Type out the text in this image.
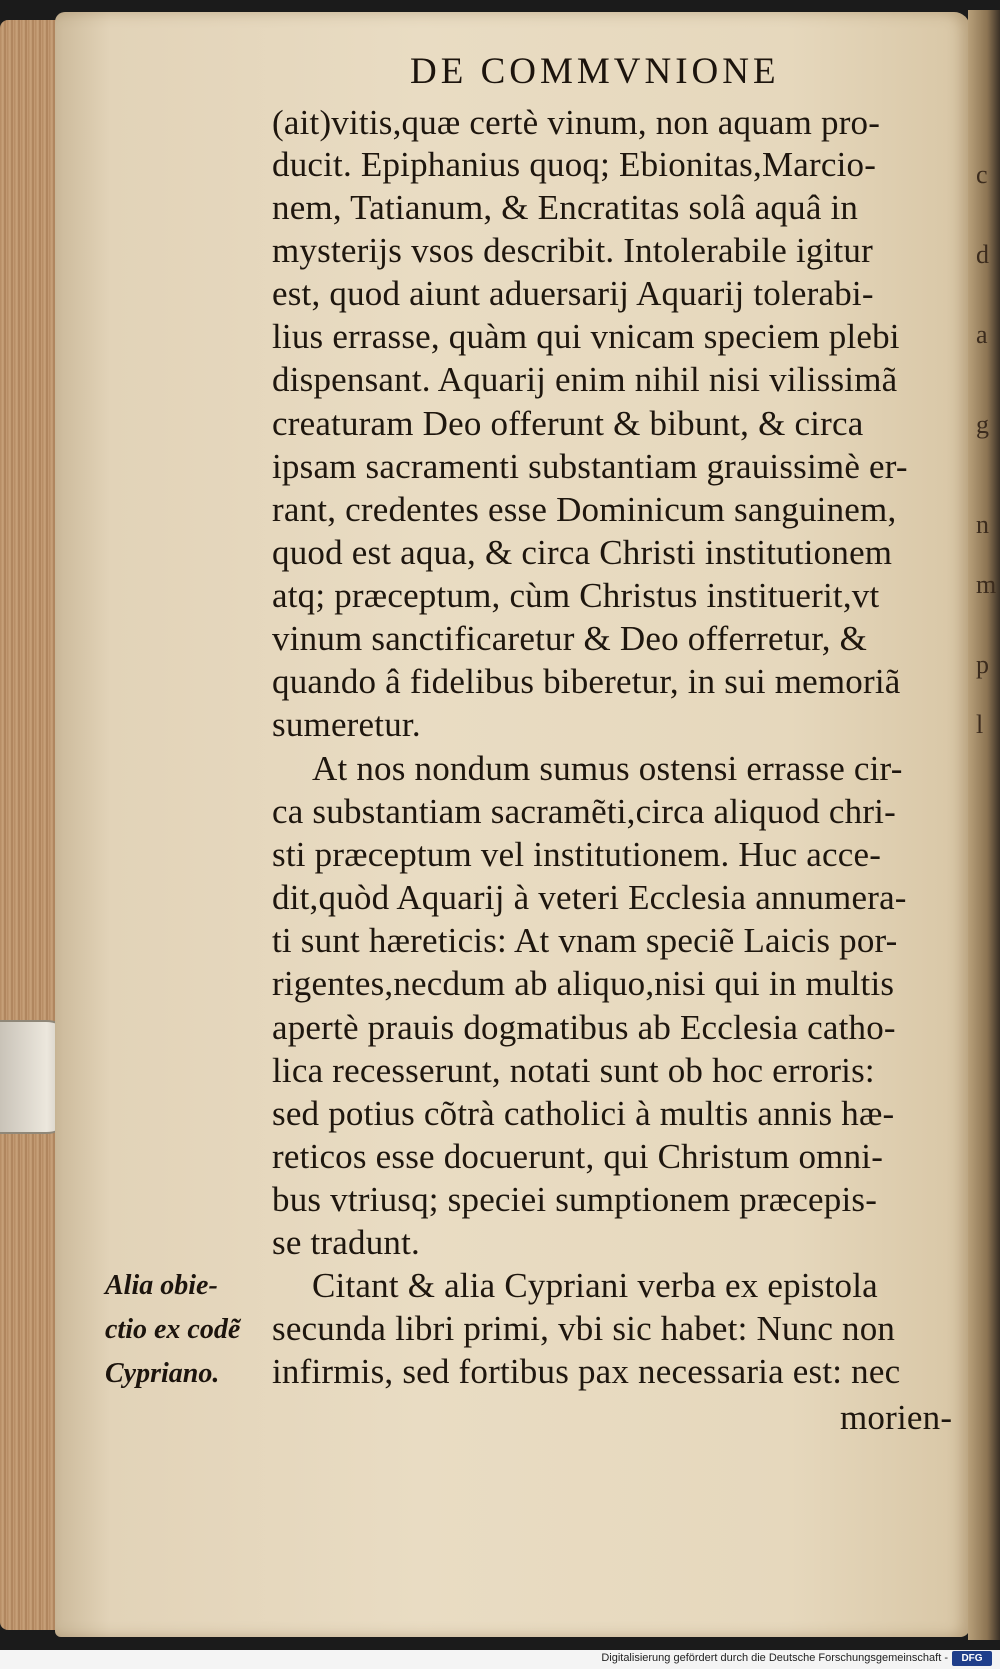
c
d
a
g
n
m
p
l
DE COMMVNIONE
(ait)vitis,quæ certè vinum, non aquam pro-
ducit. Epiphanius quoq; Ebionitas,Marcio-
nem, Tatianum, & Encratitas solâ aquâ in
mysterijs vsos describit. Intolerabile igitur
est, quod aiunt aduersarij Aquarij tolerabi-
lius errasse, quàm qui vnicam speciem plebi
dispensant. Aquarij enim nihil nisi vilissimã
creaturam Deo offerunt & bibunt, & circa
ipsam sacramenti substantiam grauissimè er-
rant, credentes esse Dominicum sanguinem,
quod est aqua, & circa Christi institutionem
atq; præceptum, cùm Christus instituerit,vt
vinum sanctificaretur & Deo offerretur, &
quando â fidelibus biberetur, in sui memoriã
sumeretur.
At nos nondum sumus ostensi errasse cir-
ca substantiam sacramẽti,circa aliquod chri-
sti præceptum vel institutionem. Huc acce-
dit,quòd Aquarij à veteri Ecclesia annumera-
ti sunt hæreticis: At vnam speciẽ Laicis por-
rigentes,necdum ab aliquo,nisi qui in multis
apertè prauis dogmatibus ab Ecclesia catho-
lica recesserunt, notati sunt ob hoc erroris:
sed potius cõtrà catholici à multis annis hæ-
reticos esse docuerunt, qui Christum omni-
bus vtriusq; speciei sumptionem præcepis-
se tradunt.
Citant & alia Cypriani verba ex epistola
secunda libri primi, vbi sic habet: Nunc non
infirmis, sed fortibus pax necessaria est: nec
morien-
Alia obie-
ctio ex codẽ
Cypriano.
Digitalisierung gefördert durch die Deutsche Forschungsgemeinschaft -	DFG
